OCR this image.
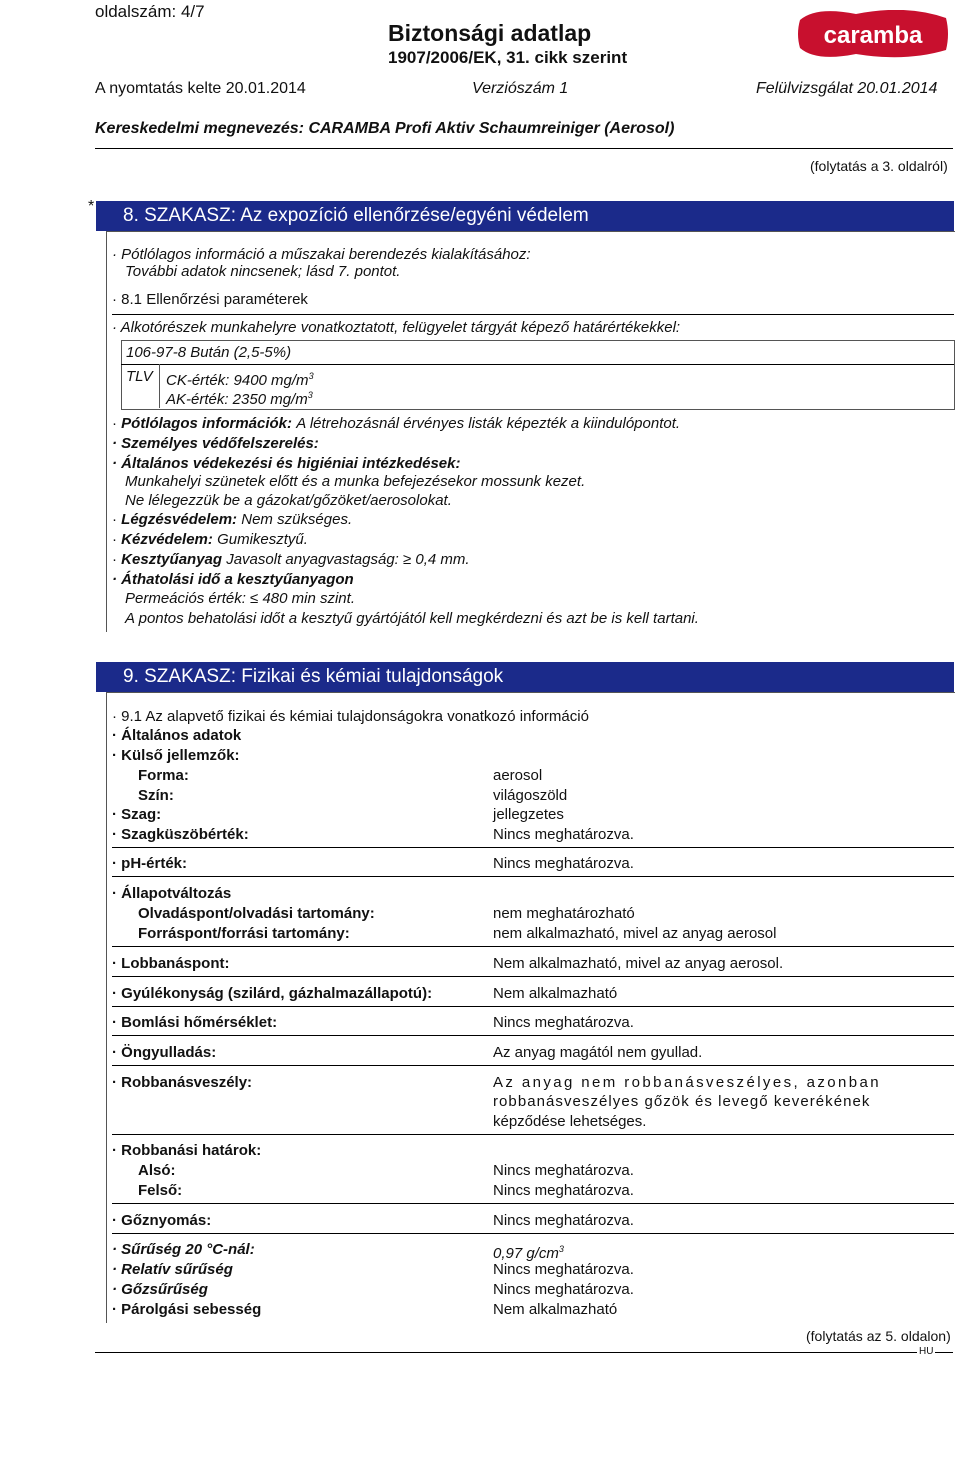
oldalszám: 4/7
Biztonsági adatlap
1907/2006/EK, 31. cikk szerint
caramba
A nyomtatás kelte 20.01.2014	Verziószám 1	Felülvizsgálat 20.01.2014
Kereskedelmi megnevezés: CARAMBA Profi Aktiv Schaumreiniger (Aerosol)
(folytatás a 3. oldalról)
*	8. SZAKASZ: Az expozíció ellenőrzése/egyéni védelem
· Pótlólagos információ a műszakai berendezés kialakításához:
További adatok nincsenek; lásd 7. pontot.
· 8.1 Ellenőrzési paraméterek
· Alkotórészek munkahelyre vonatkoztatott, felügyelet tárgyát képező határértékekkel:
106-97-8 Bután (2,5-5%)
TLV CK-érték: 9400 $mg/m^3$
AK-érték: 2350 $mg/m^3$
· Pótlólagos információk: A létrehozásnál érvényes listák képezték a kiindulópontot.
· Személyes védőfelszerelés:
· Általános védekezési és higiéniai intézkedések:
Munkahelyi szünetek előtt és a munka befejezésekor mossunk kezet.
Ne lélegezzük be a gázokat/gőzöket/aerosolokat.
· Légzésvédelem: Nem szükséges.
· Kézvédelem: Gumikesztyű.
· Kesztyűanyag Javasolt anyagvastagság: ≥ 0,4 mm.
· Áthatolási idő a kesztyűanyagon
Permeációs érték: ≤ 480 min szint.
A pontos behatolási időt a kesztyű gyártójától kell megkérdezni és azt be is kell tartani.
9. SZAKASZ: Fizikai és kémiai tulajdonságok
· 9.1 Az alapvető fizikai és kémiai tulajdonságokra vonatkozó információ
· Általános adatok
· Külső jellemzők:
Forma:	aerosol
Szín:	világoszöld
· Szag:	jellegzetes
· Szagküszöbérték:	Nincs meghatározva.
· pH-érték:	Nincs meghatározva.
· Állapotváltozás
Olvadáspont/olvadási tartomány:	nem meghatározható
Forráspont/forrási tartomány:	nem alkalmazható, mivel az anyag aerosol
· Lobbanáspont:	Nem alkalmazható, mivel az anyag aerosol.
· Gyúlékonyság (szilárd, gázhalmazállapotú):	Nem alkalmazható
· Bomlási hőmérséklet:	Nincs meghatározva.
· Öngyulladás:	Az anyag magától nem gyullad.
· Robbanásveszély:	Az anyag nem robbanásveszélyes, azonban
robbanásveszélyes gőzök és levegő keverékének
képződése lehetséges.
· Robbanási határok:
Alsó:	Nincs meghatározva.
Felső:	Nincs meghatározva.
· Gőznyomás:	Nincs meghatározva.
· Sűrűség 20 °C-nál:	0,97 $g/cm^3$
· Relatív sűrűség	Nincs meghatározva.
· Gőzsűrűség	Nincs meghatározva.
· Párolgási sebesség	Nem alkalmazható
(folytatás az 5. oldalon)
HU
